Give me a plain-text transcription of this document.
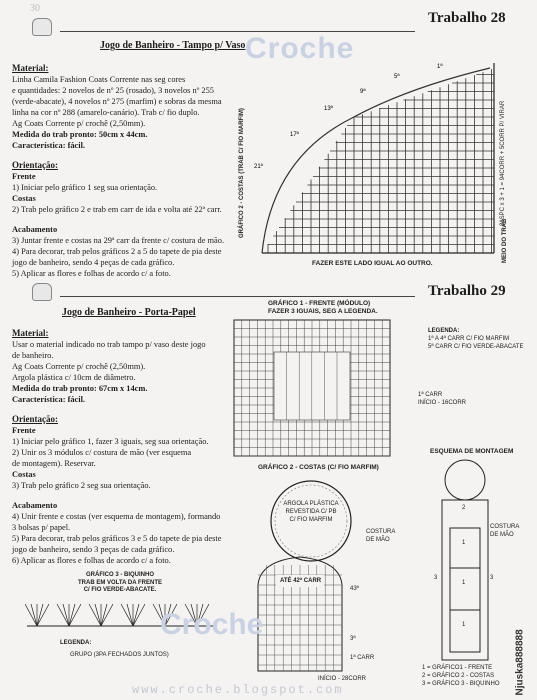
30
Trabalho 28
Croche
Jogo de Banheiro - Tampo p/ Vaso
Material:
Linha Camila Fashion Coats Corrente nas seg cores
e quantidades: 2 novelos de nº 25 (rosado), 3 novelos nº 255
(verde-abacate), 4 novelos nº 275 (marfim) e sobras da mesma
linha na cor nº 288 (amarelo-canário). Trab c/ fio duplo.
Ag Coats Corrente p/ crochê (2,50mm).
Medida do trab pronto: 50cm x 44cm.
Característica: fácil.
Orientação:
Frente
1) Iniciar pelo gráfico 1 seg sua orientação.
Costas
2) Trab pelo gráfico 2 e trab em carr de ida e volta até 22ª carr.
Acabamento
3) Juntar frente e costas na 29ª carr da frente c/ costura de mão.
4) Para decorar, trab pelos gráficos 2 a 5 do tapete de pia deste
jogo de banheiro, sendo 4 peças de cada gráfico.
5) Aplicar as flores e folhas de acordo c/ a foto.
21ª
17ª
13ª
9ª
5ª
1ª
GRÁFICO 2 - COSTAS (TRAB C/ FIO MARFIM)	31SPC x 3 + 1 = 94CORR + 5CORR P/ VIRAR
MEIO DO TRAB
FAZER ESTE LADO IGUAL AO OUTRO.
Trabalho 29
Jogo de Banheiro - Porta-Papel
Material:
Usar o material indicado no trab tampo p/ vaso deste jogo
de banheiro.
Ag Coats Corrente p/ crochê (2,50mm).
Argola plástica c/ 10cm de diâmetro.
Medida do trab pronto: 67cm x 14cm.
Característica: fácil.
Orientação:
Frente
1) Iniciar pelo gráfico 1, fazer 3 iguais, seg sua orientação.
2) Unir os 3 módulos c/ costura de mão (ver esquema
de montagem). Reservar.
Costas
3) Trab pelo gráfico 2 seg sua orientação.
Acabamento
4) Unir frente e costas (ver esquema de montagem), formando
3 bolsas p/ papel.
5) Para decorar, trab pelos gráficos 3 e 5 do tapete de pia deste
jogo de banheiro, sendo 3 peças de cada gráfico.
6) Aplicar as flores e folhas de acordo c/ a foto.
GRÁFICO 1 - FRENTE (MÓDULO)
FAZER 3 IGUAIS, SEG A LEGENDA.
LEGENDA:
1ª A 4ª CARR C/ FIO MARFIM
5ª CARR C/ FIO VERDE-ABACATE
1ª CARR
INÍCIO - 16CORR
GRÁFICO 2 - COSTAS (C/ FIO MARFIM)
ARGOLA PLÁSTICA
REVESTIDA C/ PB
C/ FIO MARFIM
COSTURA
DE MÃO
ATÉ 42ª CARR
43ª
3ª
1ª CARR
INÍCIO - 28CORR
GRÁFICO 3 - BIQUINHO
TRAB EM VOLTA DA FRENTE
C/ FIO VERDE-ABACATE.
LEGENDA:
GRUPO (3PA FECHADOS JUNTOS)
ESQUEMA DE MONTAGEM
2
1
1
1
3	3
COSTURA
DE MÃO
1 = GRÁFICO1 - FRENTE
2 = GRÁFICO 2 - COSTAS
3 = GRÁFICO 3 - BIQUINHO
Croche
www.croche.blogspot.com	Njuska888888
